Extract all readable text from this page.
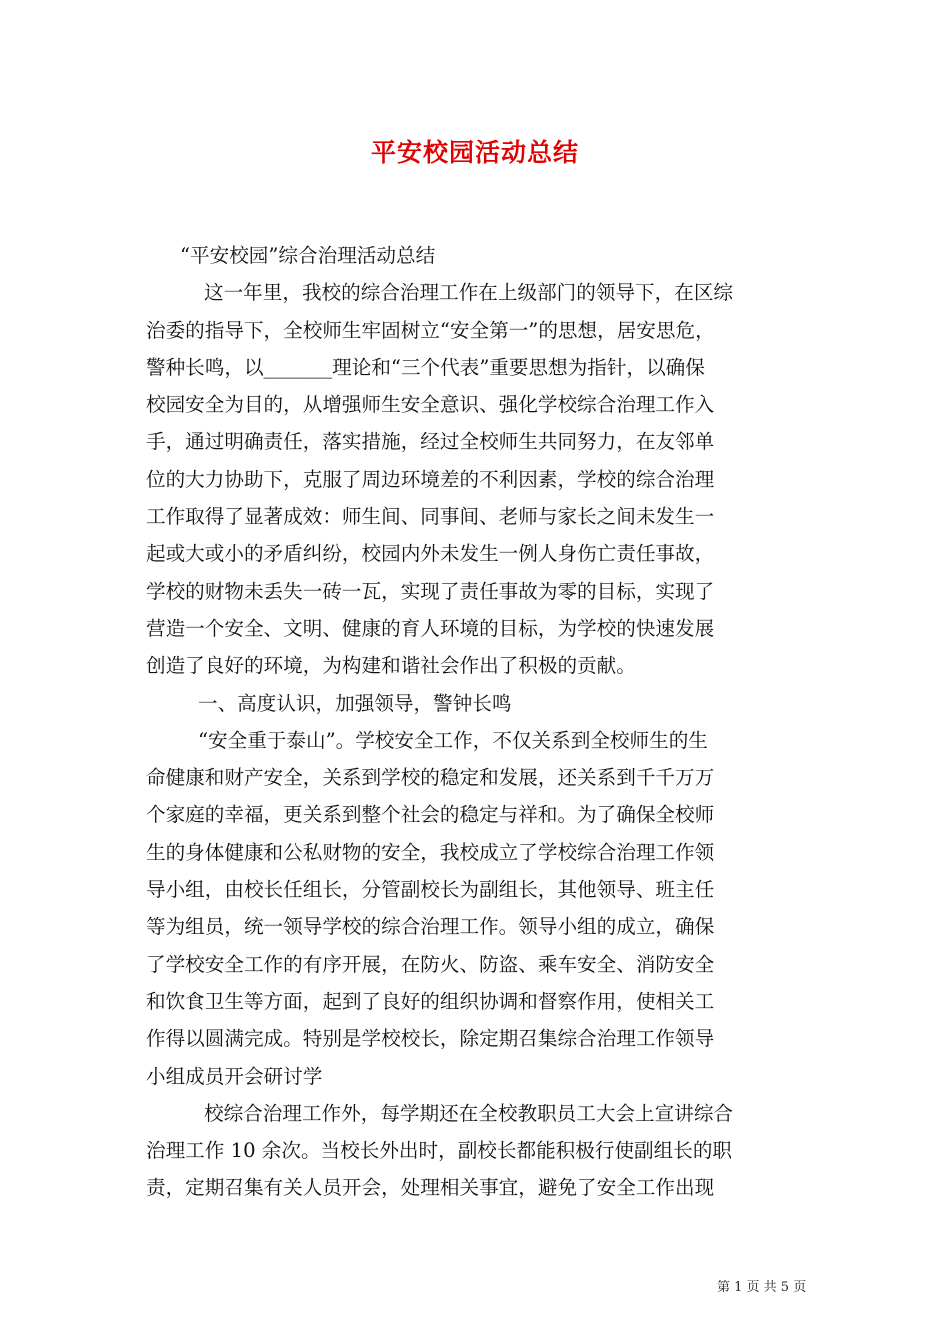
平安校园活动总结
“平安校园”综合治理活动总结
这一年里，我校的综合治理工作在上级部门的领导下，在区综
治委的指导下，全校师生牢固树立“安全第一”的思想，居安思危，
警种长鸣，以_______理论和“三个代表”重要思想为指针，以确保
校园安全为目的，从增强师生安全意识、强化学校综合治理工作入
手，通过明确责任，落实措施，经过全校师生共同努力，在友邻单
位的大力协助下，克服了周边环境差的不利因素，学校的综合治理
工作取得了显著成效：师生间、同事间、老师与家长之间未发生一
起或大或小的矛盾纠纷，校园内外未发生一例人身伤亡责任事故，
学校的财物未丢失一砖一瓦，实现了责任事故为零的目标，实现了
营造一个安全、文明、健康的育人环境的目标，为学校的快速发展
创造了良好的环境，为构建和谐社会作出了积极的贡献。
一、高度认识，加强领导，警钟长鸣
“安全重于泰山”。学校安全工作，不仅关系到全校师生的生
命健康和财产安全，关系到学校的稳定和发展，还关系到千千万万
个家庭的幸福，更关系到整个社会的稳定与祥和。为了确保全校师
生的身体健康和公私财物的安全，我校成立了学校综合治理工作领
导小组，由校长任组长，分管副校长为副组长，其他领导、班主任
等为组员，统一领导学校的综合治理工作。领导小组的成立，确保
了学校安全工作的有序开展，在防火、防盗、乘车安全、消防安全
和饮食卫生等方面，起到了良好的组织协调和督察作用，使相关工
作得以圆满完成。特别是学校校长，除定期召集综合治理工作领导
小组成员开会研讨学
校综合治理工作外，每学期还在全校教职员工大会上宣讲综合
治理工作 10 余次。当校长外出时，副校长都能积极行使副组长的职
责，定期召集有关人员开会，处理相关事宜，避免了安全工作出现
第 1 页 共 5 页
